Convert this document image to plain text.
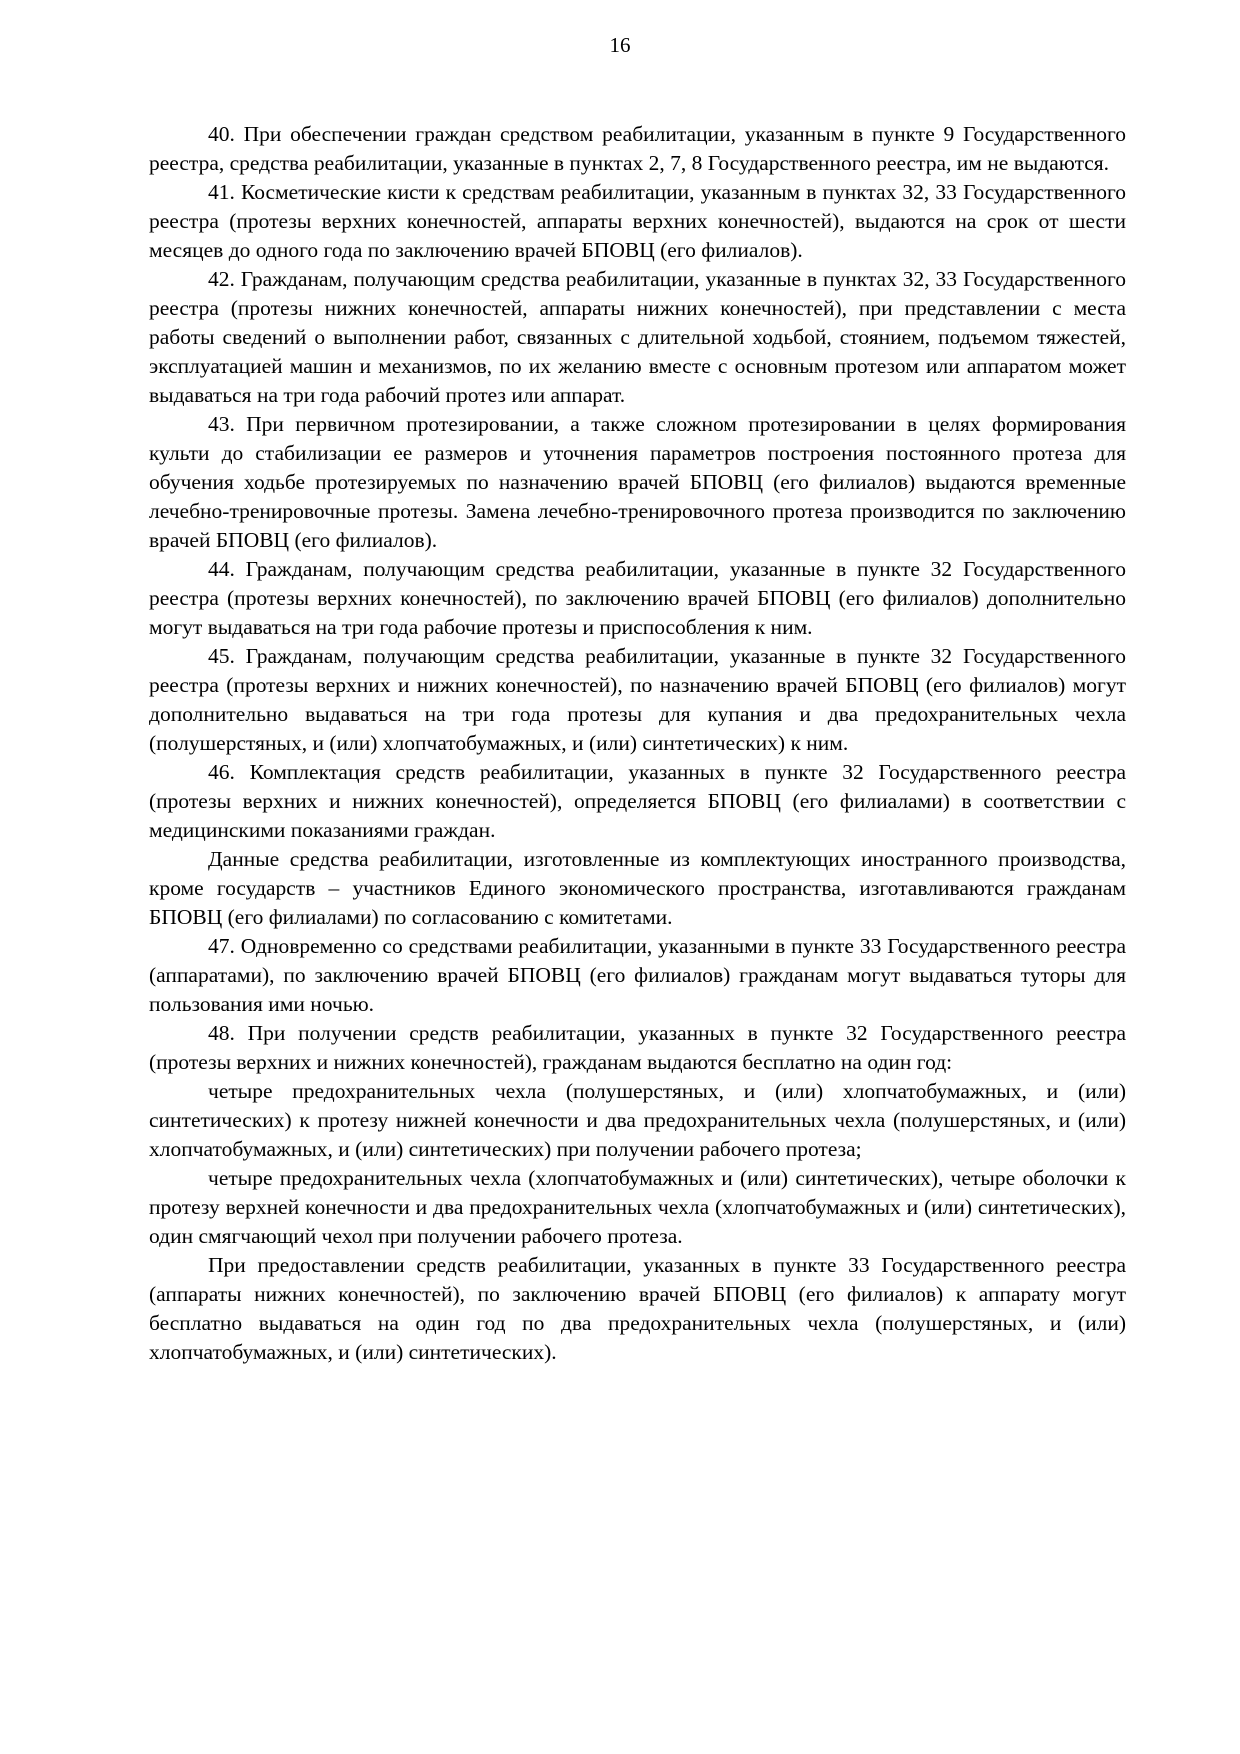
16

40. При обеспечении граждан средством реабилитации, указанным в пункте 9 Государственного реестра, средства реабилитации, указанные в пунктах 2, 7, 8 Государственного реестра, им не выдаются.

41. Косметические кисти к средствам реабилитации, указанным в пунктах 32, 33 Государственного реестра (протезы верхних конечностей, аппараты верхних конечностей), выдаются на срок от шести месяцев до одного года по заключению врачей БПОВЦ (его филиалов).

42. Гражданам, получающим средства реабилитации, указанные в пунктах 32, 33 Государственного реестра (протезы нижних конечностей, аппараты нижних конечностей), при представлении с места работы сведений о выполнении работ, связанных с длительной ходьбой, стоянием, подъемом тяжестей, эксплуатацией машин и механизмов, по их желанию вместе с основным протезом или аппаратом может выдаваться на три года рабочий протез или аппарат.

43. При первичном протезировании, а также сложном протезировании в целях формирования культи до стабилизации ее размеров и уточнения параметров построения постоянного протеза для обучения ходьбе протезируемых по назначению врачей БПОВЦ (его филиалов) выдаются временные лечебно-тренировочные протезы. Замена лечебно-тренировочного протеза производится по заключению врачей БПОВЦ (его филиалов).

44. Гражданам, получающим средства реабилитации, указанные в пункте 32 Государственного реестра (протезы верхних конечностей), по заключению врачей БПОВЦ (его филиалов) дополнительно могут выдаваться на три года рабочие протезы и приспособления к ним.

45. Гражданам, получающим средства реабилитации, указанные в пункте 32 Государственного реестра (протезы верхних и нижних конечностей), по назначению врачей БПОВЦ (его филиалов) могут дополнительно выдаваться на три года протезы для купания и два предохранительных чехла (полушерстяных, и (или) хлопчатобумажных, и (или) синтетических) к ним.

46. Комплектация средств реабилитации, указанных в пункте 32 Государственного реестра (протезы верхних и нижних конечностей), определяется БПОВЦ (его филиалами) в соответствии с медицинскими показаниями граждан.

Данные средства реабилитации, изготовленные из комплектующих иностранного производства, кроме государств – участников Единого экономического пространства, изготавливаются гражданам БПОВЦ (его филиалами) по согласованию с комитетами.

47. Одновременно со средствами реабилитации, указанными в пункте 33 Государственного реестра (аппаратами), по заключению врачей БПОВЦ (его филиалов) гражданам могут выдаваться туторы для пользования ими ночью.

48. При получении средств реабилитации, указанных в пункте 32 Государственного реестра (протезы верхних и нижних конечностей), гражданам выдаются бесплатно на один год:

четыре предохранительных чехла (полушерстяных, и (или) хлопчатобумажных, и (или) синтетических) к протезу нижней конечности и два предохранительных чехла (полушерстяных, и (или) хлопчатобумажных, и (или) синтетических) при получении рабочего протеза;

четыре предохранительных чехла (хлопчатобумажных и (или) синтетических), четыре оболочки к протезу верхней конечности и два предохранительных чехла (хлопчатобумажных и (или) синтетических), один смягчающий чехол при получении рабочего протеза.

При предоставлении средств реабилитации, указанных в пункте 33 Государственного реестра (аппараты нижних конечностей), по заключению врачей БПОВЦ (его филиалов) к аппарату могут бесплатно выдаваться на один год по два предохранительных чехла (полушерстяных, и (или) хлопчатобумажных, и (или) синтетических).
